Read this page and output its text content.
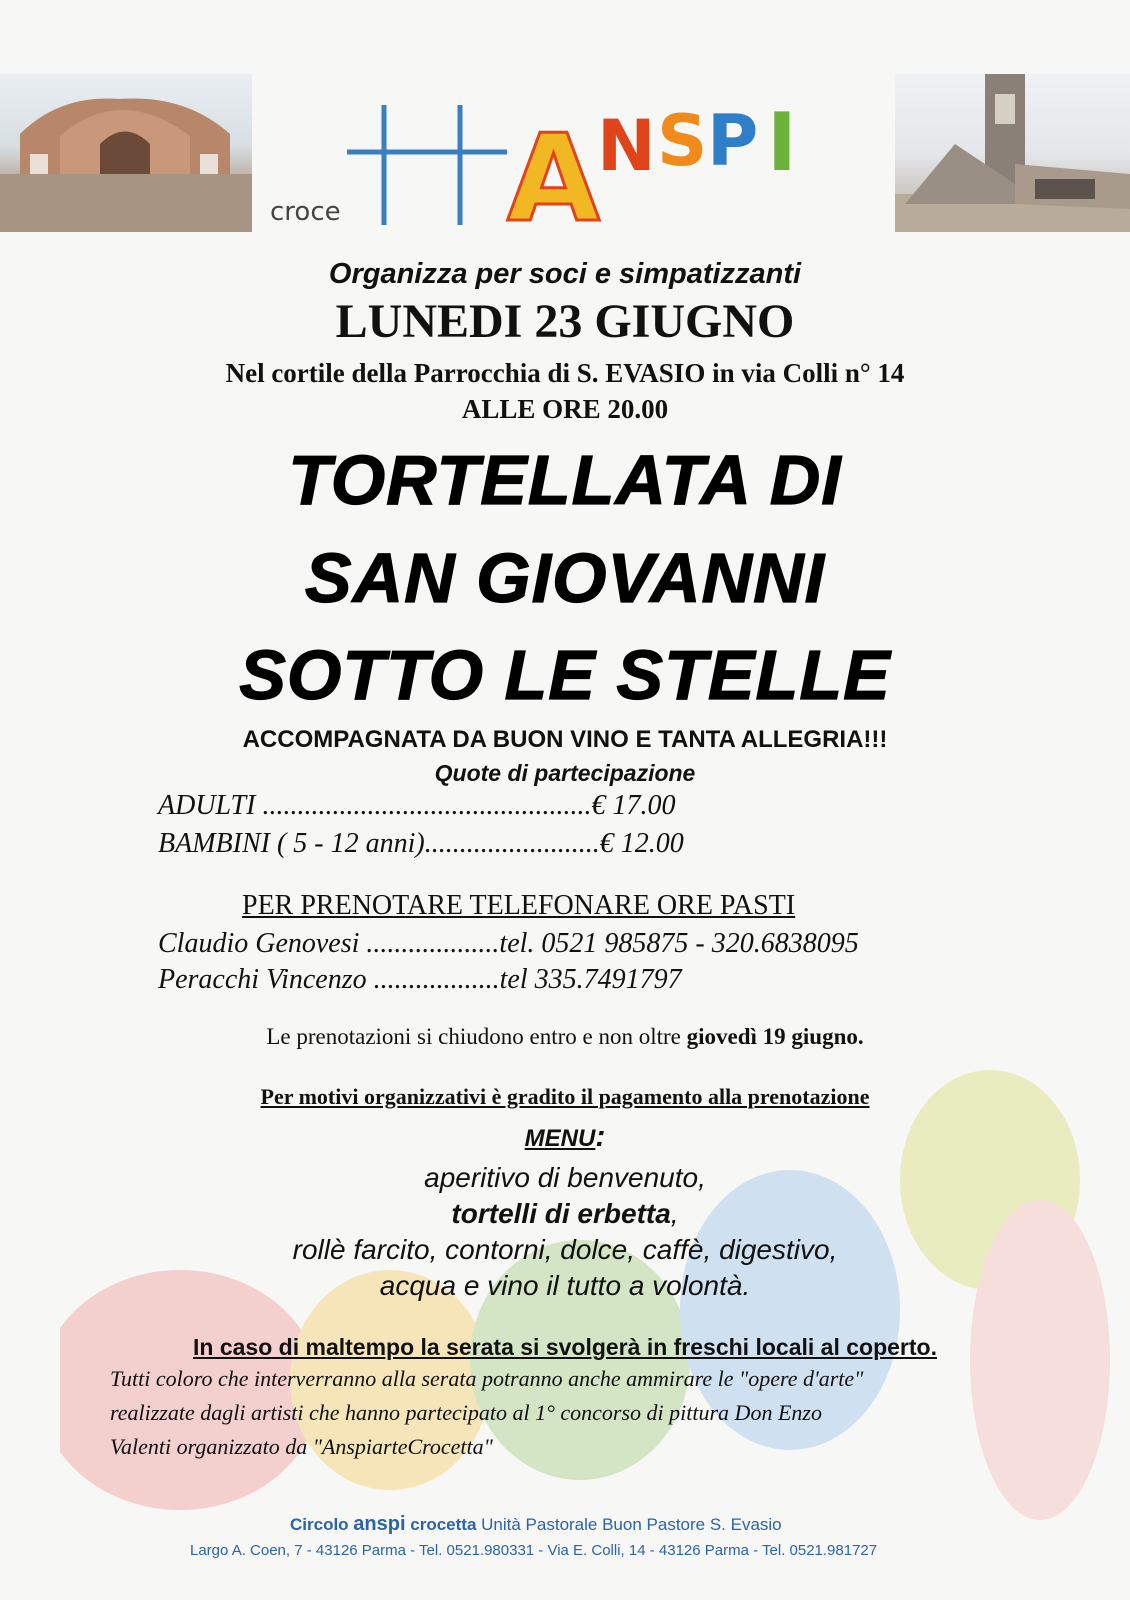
croce A
N S P I
Organizza per soci e simpatizzanti
LUNEDI 23 GIUGNO
Nel cortile della Parrocchia di S. EVASIO in via Colli n° 14
ALLE ORE 20.00
TORTELLATA DI
SAN GIOVANNI
SOTTO LE STELLE
ACCOMPAGNATA DA BUON VINO E TANTA ALLEGRIA!!!
Quote di partecipazione
ADULTI ...............................................€ 17.00
BAMBINI ( 5 - 12 anni).........................€ 12.00
PER PRENOTARE TELEFONARE ORE PASTI
Claudio Genovesi ...................tel. 0521 985875 - 320.6838095
Peracchi Vincenzo ..................tel 335.7491797
Le prenotazioni si chiudono entro e non oltre giovedì 19 giugno.
Per motivi organizzativi è gradito il pagamento alla prenotazione
MENU:
aperitivo di benvenuto,
tortelli di erbetta,
rollè farcito, contorni, dolce, caffè, digestivo,
acqua e vino il tutto a volontà.
In caso di maltempo la serata si svolgerà in freschi locali al coperto.
Tutti coloro che interverranno alla serata potranno anche ammirare le "opere d'arte"
realizzate dagli artisti che hanno partecipato al 1° concorso di pittura Don Enzo
Valenti organizzato da "AnspiarteCrocetta"
Circolo anspi crocetta Unità Pastorale Buon Pastore S. Evasio
Largo A. Coen, 7 - 43126 Parma - Tel. 0521.980331 - Via E. Colli, 14 - 43126 Parma - Tel. 0521.981727
